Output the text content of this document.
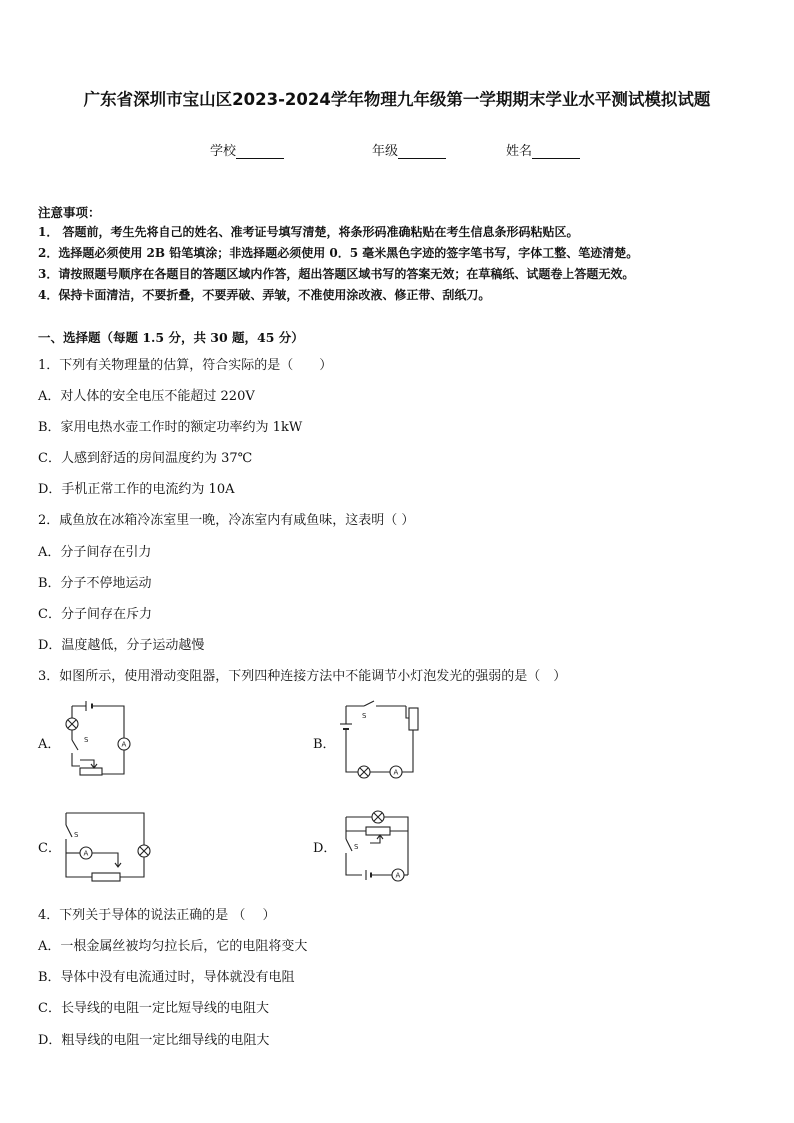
广东省深圳市宝山区2023-2024学年物理九年级第一学期期末学业水平测试模拟试题
学校	年级	姓名
注意事项：
1． 答题前，考生先将自己的姓名、准考证号填写清楚，将条形码准确粘贴在考生信息条形码粘贴区。
2．选择题必须使用 2B 铅笔填涂；非选择题必须使用 0．5 毫米黑色字迹的签字笔书写，字体工整、笔迹清楚。
3．请按照题号顺序在各题目的答题区域内作答，超出答题区域书写的答案无效；在草稿纸、试题卷上答题无效。
4．保持卡面清洁，不要折叠，不要弄破、弄皱，不准使用涂改液、修正带、刮纸刀。
一、选择题（每题 1.5 分，共 30 题，45 分）
1．下列有关物理量的估算，符合实际的是（　　）
A．对人体的安全电压不能超过 220V
B．家用电热水壶工作时的额定功率约为 1kW
C．人感到舒适的房间温度约为 37℃
D．手机正常工作的电流约为 10A
2．咸鱼放在冰箱冷冻室里一晚，冷冻室内有咸鱼味，这表明（ ）
A．分子间存在引力
B．分子不停地运动
C．分子间存在斥力
D．温度越低，分子运动越慢
3．如图所示，使用滑动变阻器，下列四种连接方法中不能调节小灯泡发光的强弱的是（　）
A．	S
A	B．
S
A
C．
S
A	D．	S
A
4．下列关于导体的说法正确的是 （　 ）
A．一根金属丝被均匀拉长后，它的电阻将变大
B．导体中没有电流通过时，导体就没有电阻
C．长导线的电阻一定比短导线的电阻大
D．粗导线的电阻一定比细导线的电阻大
